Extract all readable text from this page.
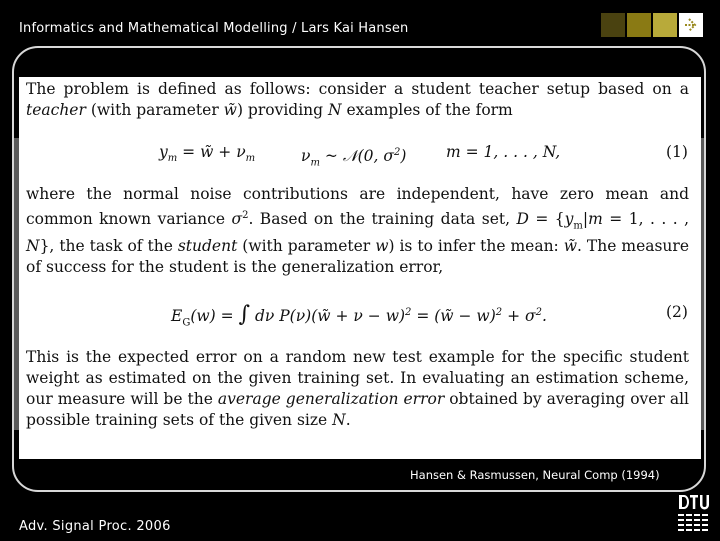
Informatics and Mathematical Modelling / Lars Kai Hansen

The problem is defined as follows: consider a student teacher setup based on a teacher (with parameter w̃) providing N examples of the form

$y_m$ = w̃ + $\nu_m$	$\nu_m$ ~ 𝒩(0, $\sigma^2$)	m = 1, . . . , N,	(1)

where the normal noise contributions are independent, have zero mean and common known variance $\sigma^2$. Based on the training data set, $D = \{y_m|m = 1$, . . . , N}, the task of the student (with parameter w) is to infer the mean: w̃. The measure of success for the student is the generalization error,

$E_G(w)$ = ∫ dν P(ν)(w̃ + ν − w)$^2$ = (w̃ − $w)^2 + \sigma^2$.	(2)

This is the expected error on a random new test example for the specific student weight as estimated on the given training set. In evaluating an estimation scheme, our measure will be the average generalization error obtained by averaging over all possible training sets of the given size N.

Hansen & Rasmussen, Neural Comp (1994)
Adv. Signal Proc. 2006
